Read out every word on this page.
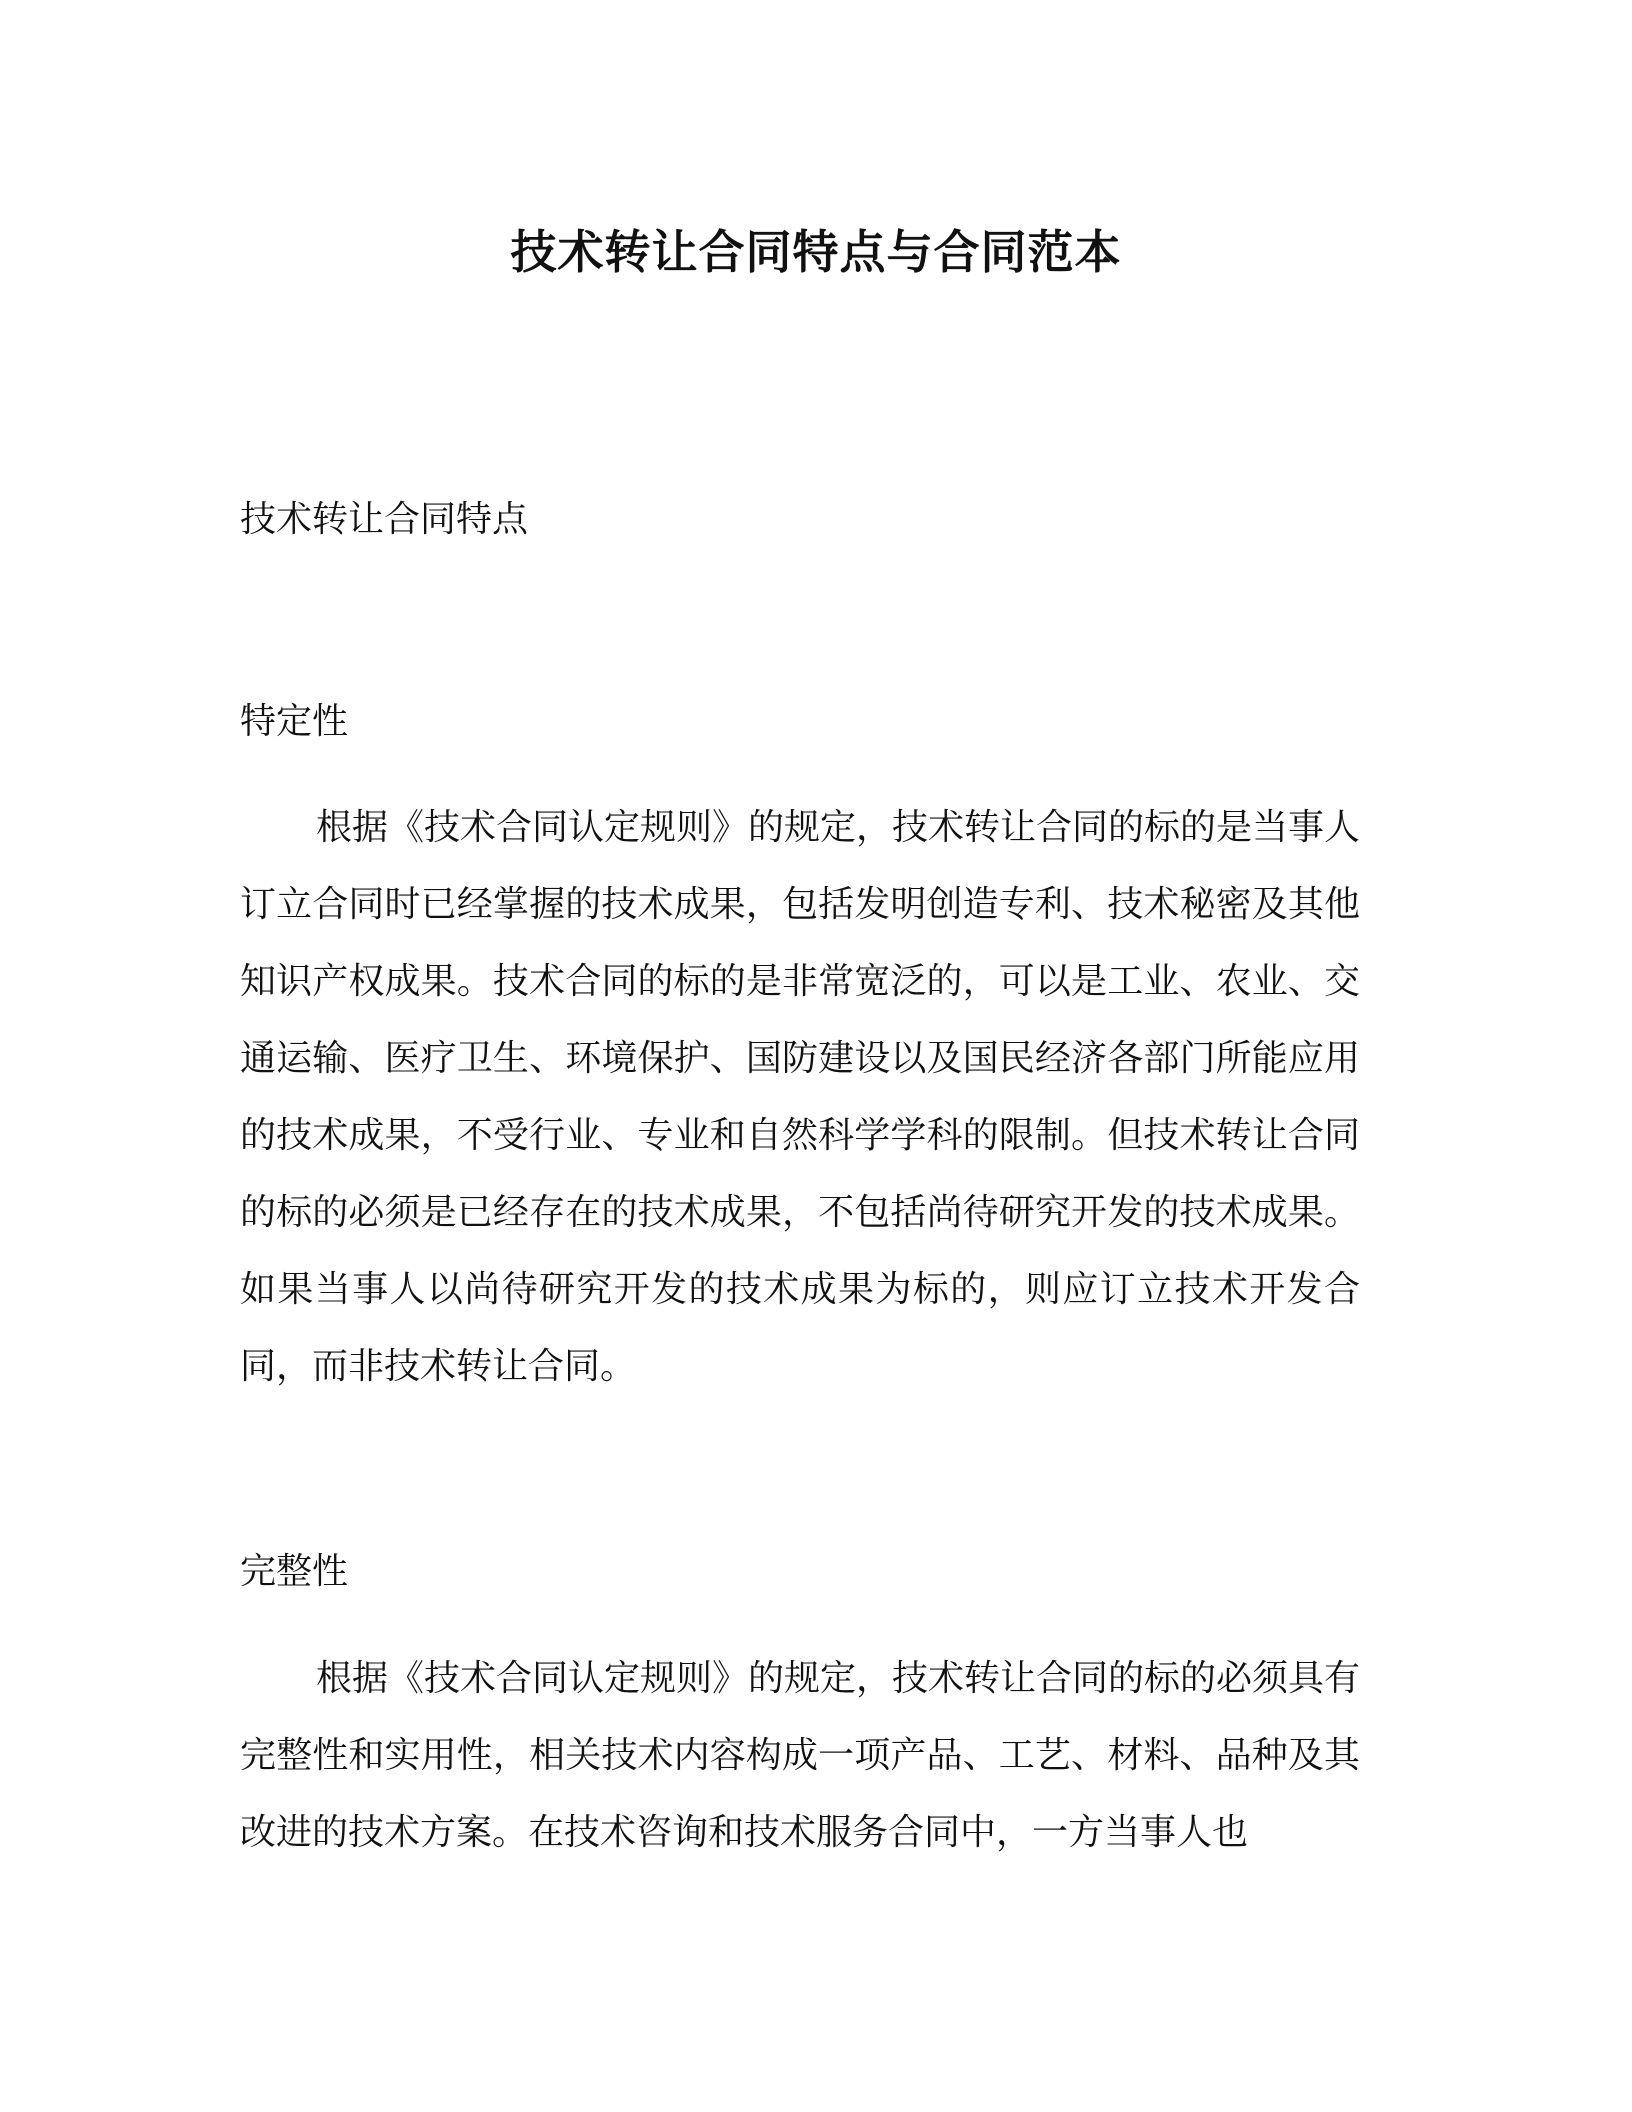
技术转让合同特点与合同范本
技术转让合同特点
特定性

根据《技术合同认定规则》的规定，技术转让合同的标的是当事人订立合同时已经掌握的技术成果，包括发明创造专利、技术秘密及其他知识产权成果。技术合同的标的是非常宽泛的，可以是工业、农业、交通运输、医疗卫生、环境保护、国防建设以及国民经济各部门所能应用的技术成果，不受行业、专业和自然科学学科的限制。但技术转让合同的标的必须是已经存在的技术成果，不包括尚待研究开发的技术成果。如果当事人以尚待研究开发的技术成果为标的，则应订立技术开发合同，而非技术转让合同。

完整性

根据《技术合同认定规则》的规定，技术转让合同的标的必须具有完整性和实用性，相关技术内容构成一项产品、工艺、材料、品种及其改进的技术方案。在技术咨询和技术服务合同中，一方当事人也
